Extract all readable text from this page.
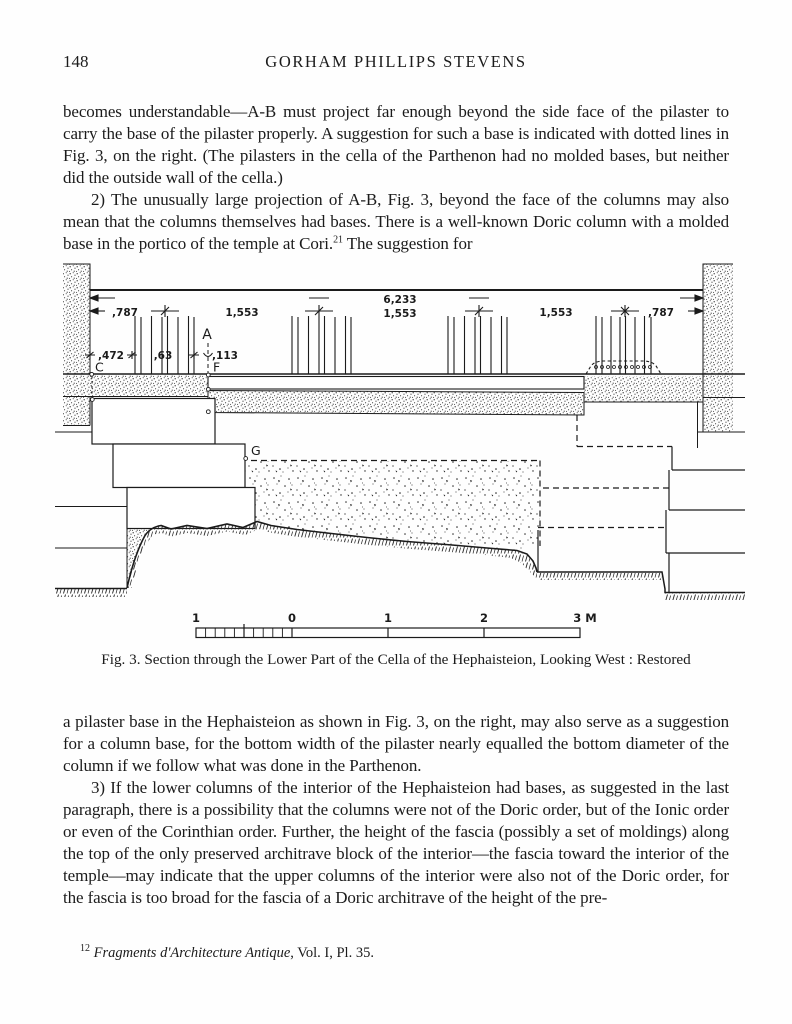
148	GORHAM PHILLIPS STEVENS

becomes understandable—A-B must project far enough beyond the side face of the pilaster to carry the base of the pilaster properly. A suggestion for such a base is indicated with dotted lines in Fig. 3, on the right. (The pilasters in the cella of the Parthenon had no molded bases, but neither did the outside wall of the cella.)

2) The unusually large projection of A-B, Fig. 3, beyond the face of the columns may also mean that the columns themselves had bases. There is a well-known Doric column with a molded base in the portico of the temple at Cori.$^{21}$ The suggestion for

,787	1,553
6,233
1,553	1,553	,787
,472	,63	,113
A
C	F
G
1	0	1	2	3 M
Fig. 3. Section through the Lower Part of the Cella of the Hephaisteion, Looking West : Restored

a pilaster base in the Hephaisteion as shown in Fig. 3, on the right, may also serve as a suggestion for a column base, for the bottom width of the pilaster nearly equalled the bottom diameter of the column if we follow what was done in the Parthenon.

3) If the lower columns of the interior of the Hephaisteion had bases, as suggested in the last paragraph, there is a possibility that the columns were not of the Doric order, but of the Ionic order or even of the Corinthian order. Further, the height of the fascia (possibly a set of moldings) along the top of the only preserved architrave block of the interior—the fascia toward the interior of the temple—may indicate that the upper columns of the interior were also not of the Doric order, for the fascia is too broad for the fascia of a Doric architrave of the height of the pre-

$^{12}$ Fragments d'Architecture Antique, Vol. I, Pl. 35.
